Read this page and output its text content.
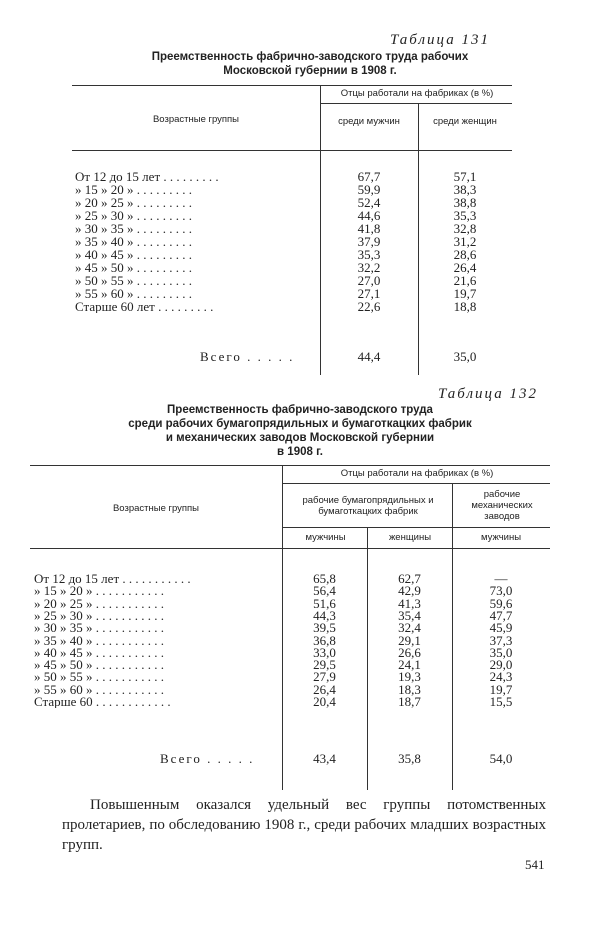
Таблица 131
Преемственность фабрично-заводского труда рабочих
Московской губернии в 1908 г.
Отцы работали на фабриках (в %)
Возрастные группы	среди мужчин	среди женщин
От 12 до 15 лет . . . . . . . . .	67,7	57,1
» 15 » 20 » . . . . . . . . .	59,9	38,3
» 20 » 25 » . . . . . . . . .	52,4	38,8
» 25 » 30 » . . . . . . . . .	44,6	35,3
» 30 » 35 » . . . . . . . . .	41,8	32,8
» 35 » 40 » . . . . . . . . .	37,9	31,2
» 40 » 45 » . . . . . . . . .	35,3	28,6
» 45 » 50 » . . . . . . . . .	32,2	26,4
» 50 » 55 » . . . . . . . . .	27,0	21,6
» 55 » 60 » . . . . . . . . .	27,1	19,7
Старше 60 лет . . . . . . . . .	22,6	18,8
Всего . . . . .	44,4	35,0
Таблица 132
Преемственность фабрично-заводского труда
среди рабочих бумагопрядильных и бумаготкацких фабрик
и механических заводов Московской губернии
в 1908 г.
Отцы работали на фабриках (в %)
Возрастные группы
рабочие бумагопрядильных и бумаготкацких фабрик
рабочие механических заводов
мужчины	женщины	мужчины
От 12 до 15 лет . . . . . . . . . . .	65,8	62,7	—
» 15 » 20 » . . . . . . . . . . .	56,4	42,9	73,0
» 20 » 25 » . . . . . . . . . . .	51,6	41,3	59,6
» 25 » 30 » . . . . . . . . . . .	44,3	35,4	47,7
» 30 » 35 » . . . . . . . . . . .	39,5	32,4	45,9
» 35 » 40 » . . . . . . . . . . .	36,8	29,1	37,3
» 40 » 45 » . . . . . . . . . . .	33,0	26,6	35,0
» 45 » 50 » . . . . . . . . . . .	29,5	24,1	29,0
» 50 » 55 » . . . . . . . . . . .	27,9	19,3	24,3
» 55 » 60 » . . . . . . . . . . .	26,4	18,3	19,7
Старше 60 . . . . . . . . . . . .	20,4	18,7	15,5
Всего . . . . .	43,4	35,8	54,0
Повышенным оказался удельный вес группы потомственных пролетариев, по обследованию 1908 г., среди рабочих младших возрастных групп.
541
